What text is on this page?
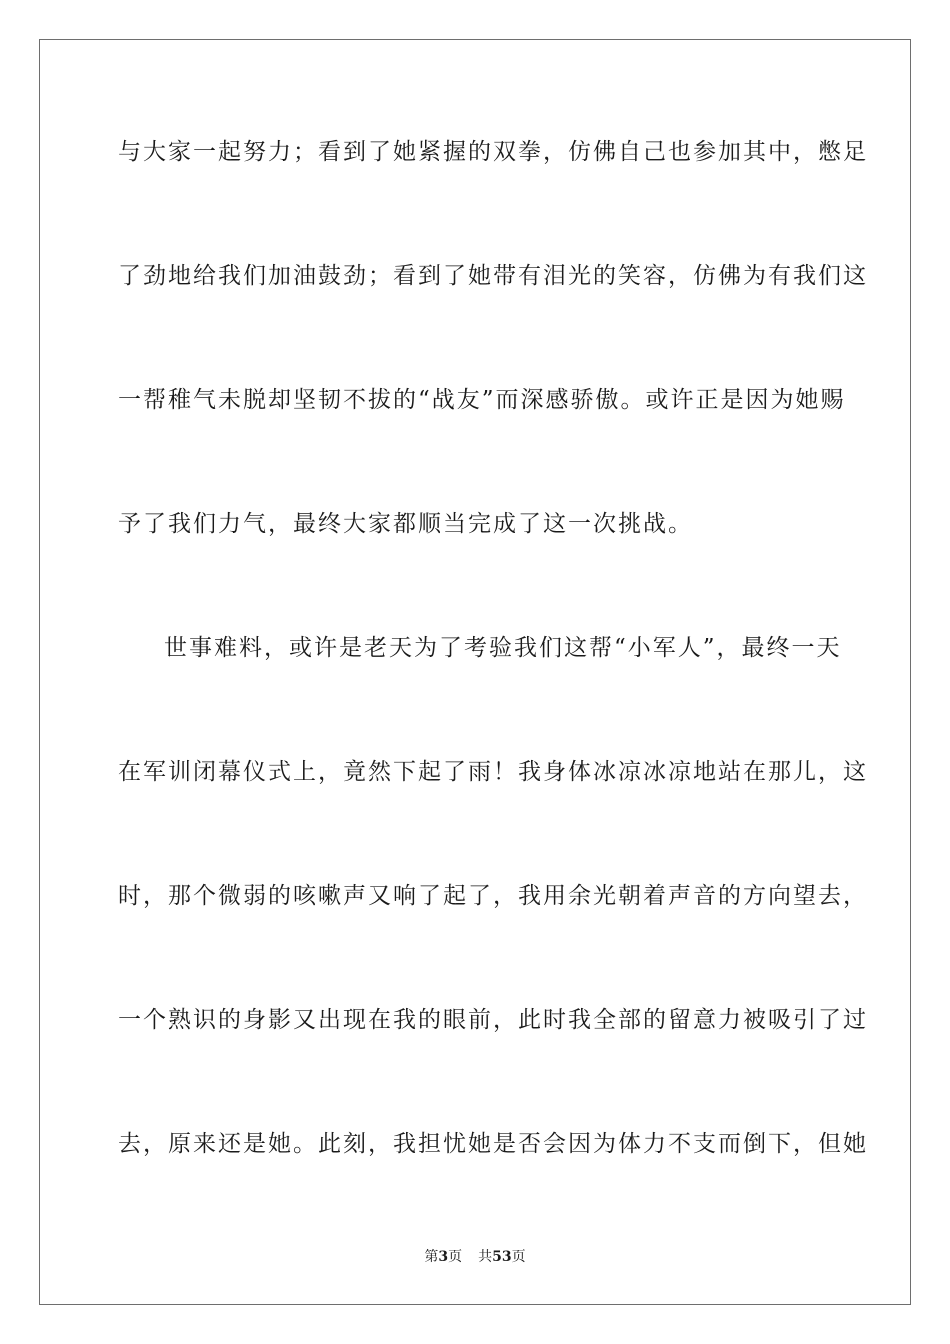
与大家一起努力；看到了她紧握的双拳，仿佛自己也参加其中，憋足
了劲地给我们加油鼓劲；看到了她带有泪光的笑容，仿佛为有我们这
一帮稚气未脱却坚韧不拔的“战友”而深感骄傲。或许正是因为她赐
予了我们力气，最终大家都顺当完成了这一次挑战。
世事难料，或许是老天为了考验我们这帮“小军人”，最终一天
在军训闭幕仪式上，竟然下起了雨！我身体冰凉冰凉地站在那儿，这
时，那个微弱的咳嗽声又响了起了，我用余光朝着声音的方向望去，
一个熟识的身影又出现在我的眼前，此时我全部的留意力被吸引了过
去，原来还是她。此刻，我担忧她是否会因为体力不支而倒下，但她
第3页 共53页
